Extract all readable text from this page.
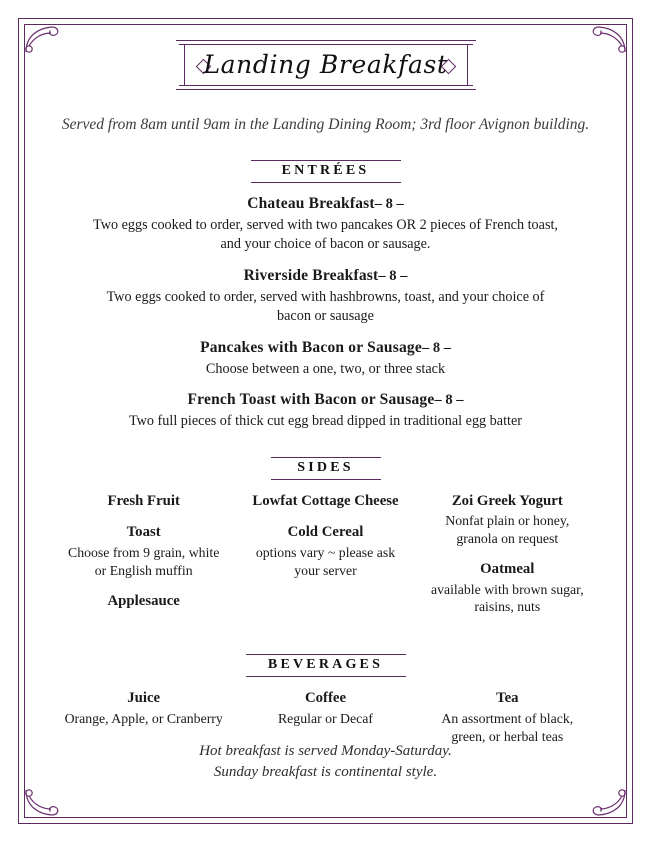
Landing Breakfast
Served from 8am until 9am in the Landing Dining Room; 3rd floor Avignon building.
ENTRÉES
Chateau Breakfast– 8 –
Two eggs cooked to order, served with two pancakes OR 2 pieces of French toast, and your choice of bacon or sausage.
Riverside Breakfast– 8 –
Two eggs cooked to order, served with hashbrowns, toast, and your choice of bacon or sausage
Pancakes with Bacon or Sausage– 8 –
Choose between a one, two, or three stack
French Toast with Bacon or Sausage– 8 –
Two full pieces of thick cut egg bread dipped in traditional egg batter
SIDES
Fresh Fruit
Toast
Choose from 9 grain, white or English muffin
Applesauce
Lowfat Cottage Cheese
Cold Cereal
options vary ~ please ask your server
Zoi Greek Yogurt
Nonfat plain or honey, granola on request
Oatmeal
available with brown sugar, raisins, nuts
BEVERAGES
Juice
Orange, Apple, or Cranberry
Coffee
Regular or Decaf
Tea
An assortment of black, green, or herbal teas
Hot breakfast is served Monday-Saturday.
Sunday breakfast is continental style.
